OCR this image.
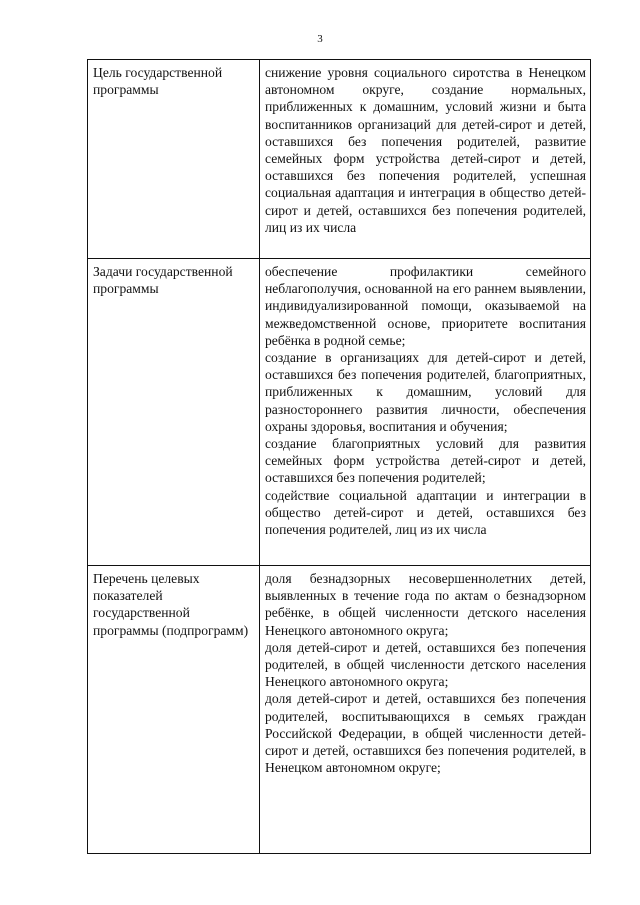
3
Цель государственной программы	снижение уровня социального сиротства в Ненецком автономном округе, создание нормальных, приближенных к домашним, условий жизни и быта воспитанников организаций для детей-сирот и детей, оставшихся без попечения родителей, развитие семейных форм устройства детей-сирот и детей, оставшихся без попечения родителей, успешная социальная адаптация и интеграция в общество детей-сирот и детей, оставшихся без попечения родителей, лиц из их числа

Задачи государственной программы	обеспечение профилактики семейного неблагополучия, основанной на его раннем выявлении, индивидуализированной помощи, оказываемой на межведомственной основе, приоритете воспитания ребёнка в родной семье;
создание в организациях для детей-сирот и детей, оставшихся без попечения родителей, благоприятных, приближенных к домашним, условий для разностороннего развития личности, обеспечения охраны здоровья, воспитания и обучения;
создание благоприятных условий для развития семейных форм устройства детей-сирот и детей, оставшихся без попечения родителей;
содействие социальной адаптации и интеграции в общество детей-сирот и детей, оставшихся без попечения родителей, лиц из их числа

Перечень целевых показателей государственной программы (подпрограмм)	доля безнадзорных несовершеннолетних детей, выявленных в течение года по актам о безнадзорном ребёнке, в общей численности детского населения Ненецкого автономного округа;
доля детей-сирот и детей, оставшихся без попечения родителей, в общей численности детского населения Ненецкого автономного округа;
доля детей-сирот и детей, оставшихся без попечения родителей, воспитывающихся в семьях граждан Российской Федерации, в общей численности детей-сирот и детей, оставшихся без попечения родителей, в Ненецком автономном округе;
